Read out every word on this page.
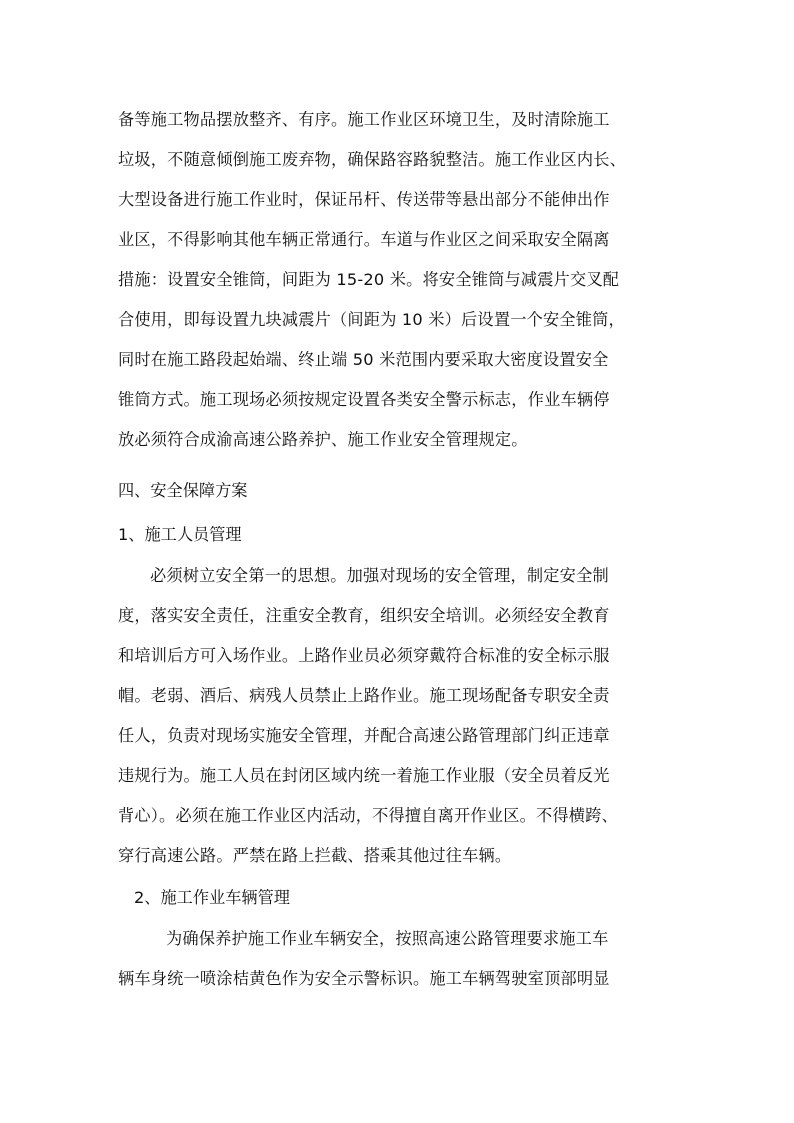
备等施工物品摆放整齐、有序。施工作业区环境卫生，及时清除施工
垃圾，不随意倾倒施工废弃物，确保路容路貌整洁。施工作业区内长、
大型设备进行施工作业时，保证吊杆、传送带等悬出部分不能伸出作
业区，不得影响其他车辆正常通行。车道与作业区之间采取安全隔离
措施：设置安全锥筒，间距为 15-20 米。将安全锥筒与减震片交叉配
合使用，即每设置九块减震片（间距为 10 米）后设置一个安全锥筒，
同时在施工路段起始端、终止端 50 米范围内要采取大密度设置安全
锥筒方式。施工现场必须按规定设置各类安全警示标志，作业车辆停
放必须符合成渝高速公路养护、施工作业安全管理规定。
四、安全保障方案
1、施工人员管理
必须树立安全第一的思想。加强对现场的安全管理，制定安全制
度，落实安全责任，注重安全教育，组织安全培训。必须经安全教育
和培训后方可入场作业。上路作业员必须穿戴符合标准的安全标示服
帽。老弱、酒后、病残人员禁止上路作业。施工现场配备专职安全责
任人，负责对现场实施安全管理，并配合高速公路管理部门纠正违章
违规行为。施工人员在封闭区域内统一着施工作业服（安全员着反光
背心）。必须在施工作业区内活动，不得擅自离开作业区。不得横跨、
穿行高速公路。严禁在路上拦截、搭乘其他过往车辆。
2、施工作业车辆管理
为确保养护施工作业车辆安全，按照高速公路管理要求施工车
辆车身统一喷涂桔黄色作为安全示警标识。施工车辆驾驶室顶部明显
